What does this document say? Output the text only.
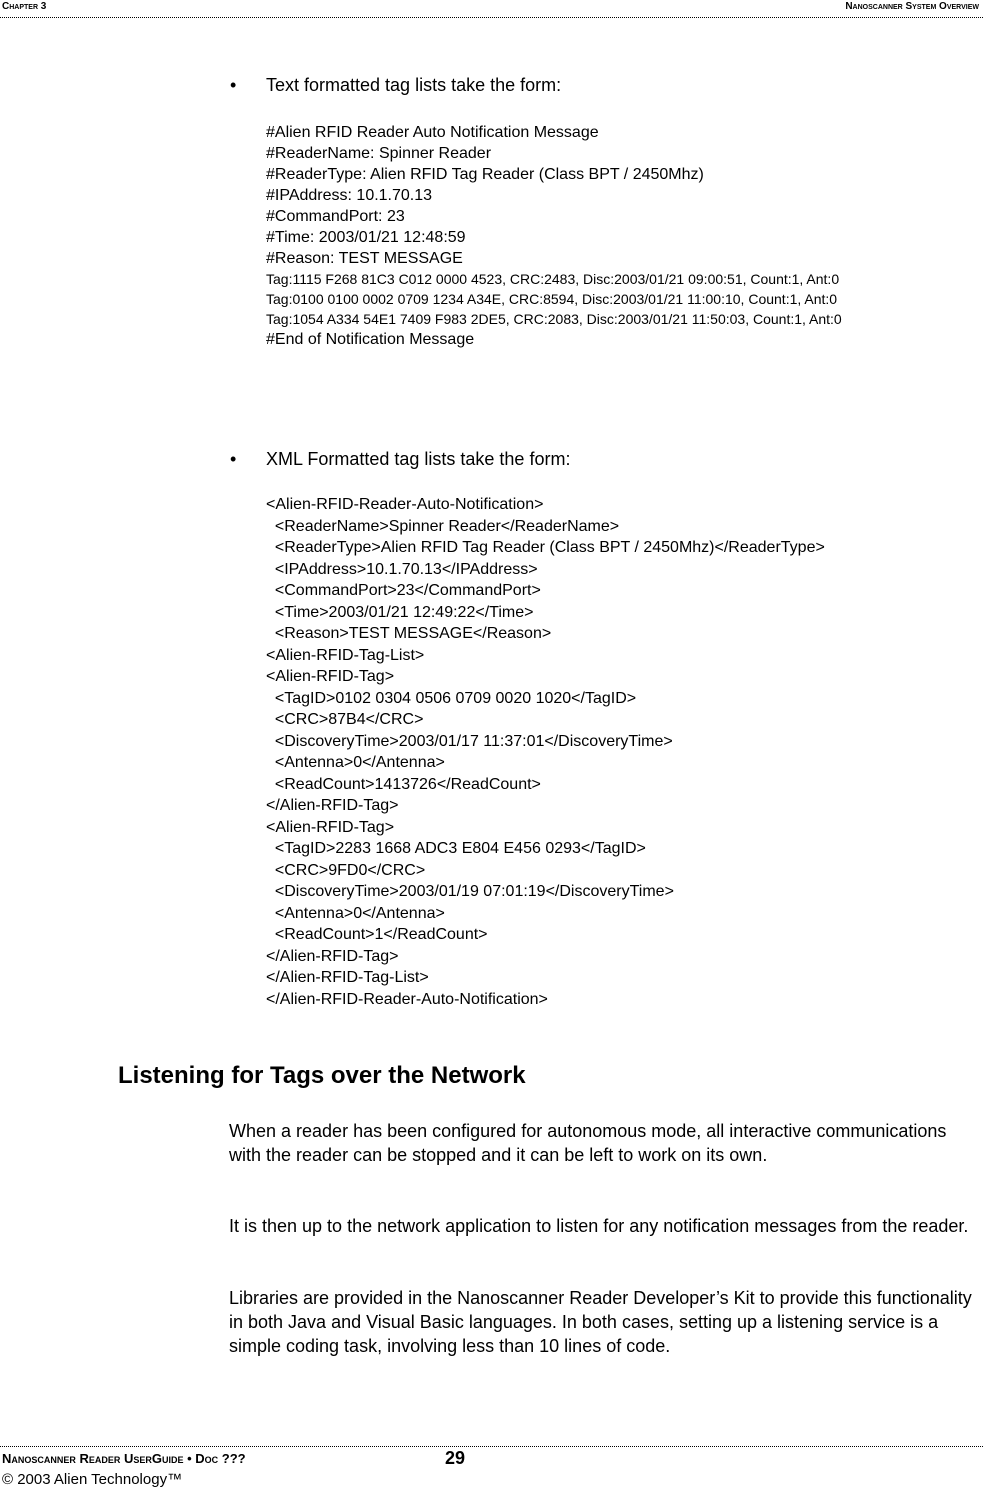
Chapter 3	Nanoscanner System Overview
• Text formatted tag lists take the form:
#Alien RFID Reader Auto Notification Message
#ReaderName: Spinner Reader
#ReaderType: Alien RFID Tag Reader (Class BPT / 2450Mhz)
#IPAddress: 10.1.70.13
#CommandPort: 23
#Time: 2003/01/21 12:48:59
#Reason: TEST MESSAGE
Tag:1115 F268 81C3 C012 0000 4523, CRC:2483, Disc:2003/01/21 09:00:51, Count:1, Ant:0
Tag:0100 0100 0002 0709 1234 A34E, CRC:8594, Disc:2003/01/21 11:00:10, Count:1, Ant:0
Tag:1054 A334 54E1 7409 F983 2DE5, CRC:2083, Disc:2003/01/21 11:50:03, Count:1, Ant:0
#End of Notification Message
• XML Formatted tag lists take the form:
<Alien-RFID-Reader-Auto-Notification>
<ReaderName>Spinner Reader</ReaderName>
<ReaderType>Alien RFID Tag Reader (Class BPT / 2450Mhz)</ReaderType>
<IPAddress>10.1.70.13</IPAddress>
<CommandPort>23</CommandPort>
<Time>2003/01/21 12:49:22</Time>
<Reason>TEST MESSAGE</Reason>
<Alien-RFID-Tag-List>
<Alien-RFID-Tag>
<TagID>0102 0304 0506 0709 0020 1020</TagID>
<CRC>87B4</CRC>
<DiscoveryTime>2003/01/17 11:37:01</DiscoveryTime>
<Antenna>0</Antenna>
<ReadCount>1413726</ReadCount>
</Alien-RFID-Tag>
<Alien-RFID-Tag>
<TagID>2283 1668 ADC3 E804 E456 0293</TagID>
<CRC>9FD0</CRC>
<DiscoveryTime>2003/01/19 07:01:19</DiscoveryTime>
<Antenna>0</Antenna>
<ReadCount>1</ReadCount>
</Alien-RFID-Tag>
</Alien-RFID-Tag-List>
</Alien-RFID-Reader-Auto-Notification>
Listening for Tags over the Network
When a reader has been configured for autonomous mode, all interactive communications with the reader can be stopped and it can be left to work on its own.
It is then up to the network application to listen for any notification messages from the reader.
Libraries are provided in the Nanoscanner Reader Developer’s Kit to provide this functionality in both Java and Visual Basic languages. In both cases, setting up a listening service is a simple coding task, involving less than 10 lines of code.
Nanoscanner Reader UserGuide • Doc ???	29
© 2003 Alien Technology™
